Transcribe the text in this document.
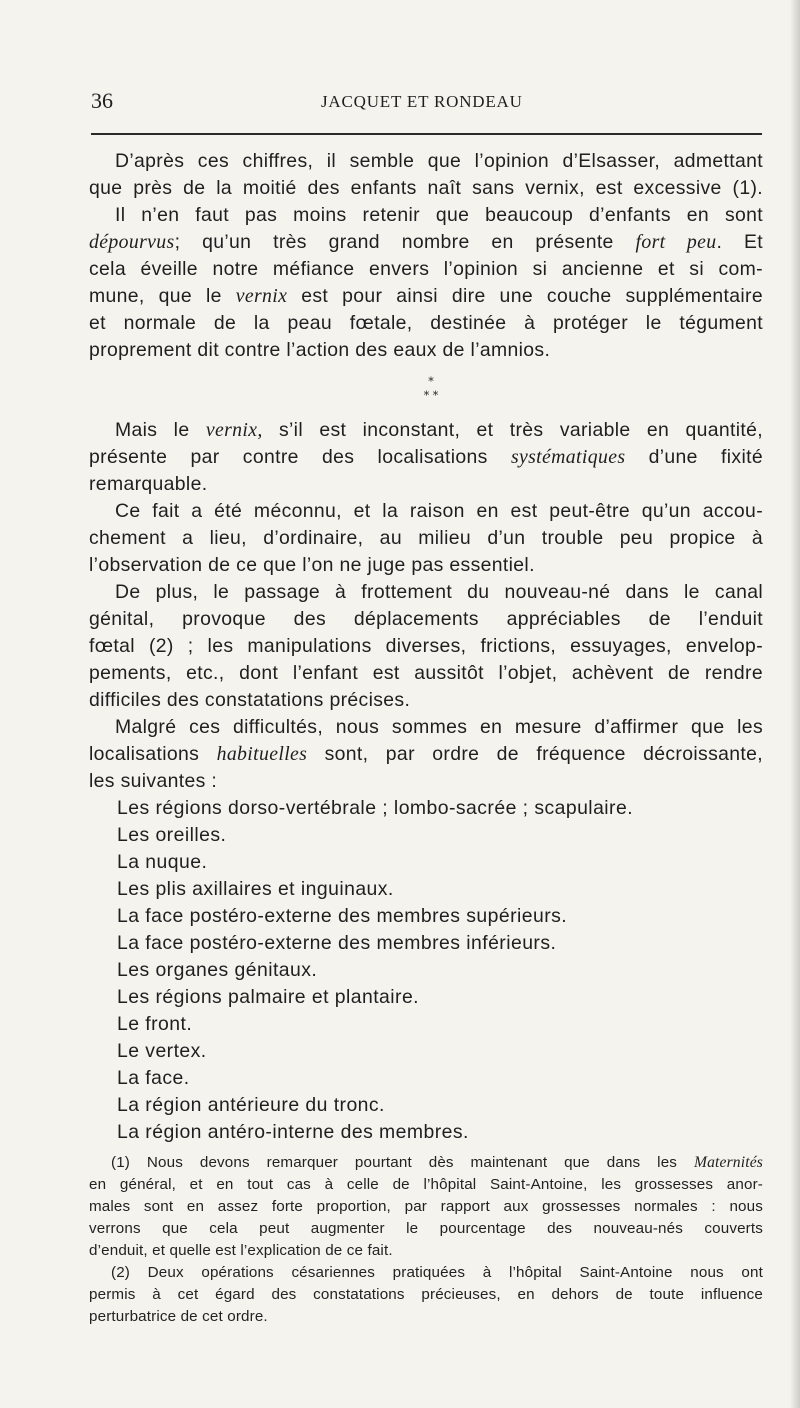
36	JACQUET ET RONDEAU
D’après ces chiffres, il semble que l’opinion d’Elsasser, admettant
que près de la moitié des enfants naît sans vernix, est excessive (1).
Il n’en faut pas moins retenir que beaucoup d’enfants en sont
dépourvus; qu’un très grand nombre en présente fort peu. Et
cela éveille notre méfiance envers l’opinion si ancienne et si com-
mune, que le vernix est pour ainsi dire une couche supplémentaire
et normale de la peau fœtale, destinée à protéger le tégument
proprement dit contre l’action des eaux de l’amnios.
*
* *
Mais le vernix, s’il est inconstant, et très variable en quantité,
présente par contre des localisations systématiques d’une fixité
remarquable.
Ce fait a été méconnu, et la raison en est peut-être qu’un accou-
chement a lieu, d’ordinaire, au milieu d’un trouble peu propice à
l’observation de ce que l’on ne juge pas essentiel.
De plus, le passage à frottement du nouveau-né dans le canal
génital, provoque des déplacements appréciables de l’enduit
fœtal (2) ; les manipulations diverses, frictions, essuyages, envelop-
pements, etc., dont l’enfant est aussitôt l’objet, achèvent de rendre
difficiles des constatations précises.
Malgré ces difficultés, nous sommes en mesure d’affirmer que les
localisations habituelles sont, par ordre de fréquence décroissante,
les suivantes :
Les régions dorso-vertébrale ; lombo-sacrée ; scapulaire.
Les oreilles.
La nuque.
Les plis axillaires et inguinaux.
La face postéro-externe des membres supérieurs.
La face postéro-externe des membres inférieurs.
Les organes génitaux.
Les régions palmaire et plantaire.
Le front.
Le vertex.
La face.
La région antérieure du tronc.
La région antéro-interne des membres.
(1) Nous devons remarquer pourtant dès maintenant que dans les Maternités
en général, et en tout cas à celle de l’hôpital Saint-Antoine, les grossesses anor-
males sont en assez forte proportion, par rapport aux grossesses normales : nous
verrons que cela peut augmenter le pourcentage des nouveau-nés couverts
d’enduit, et quelle est l’explication de ce fait.
(2) Deux opérations césariennes pratiquées à l’hôpital Saint-Antoine nous ont
permis à cet égard des constatations précieuses, en dehors de toute influence
perturbatrice de cet ordre.
